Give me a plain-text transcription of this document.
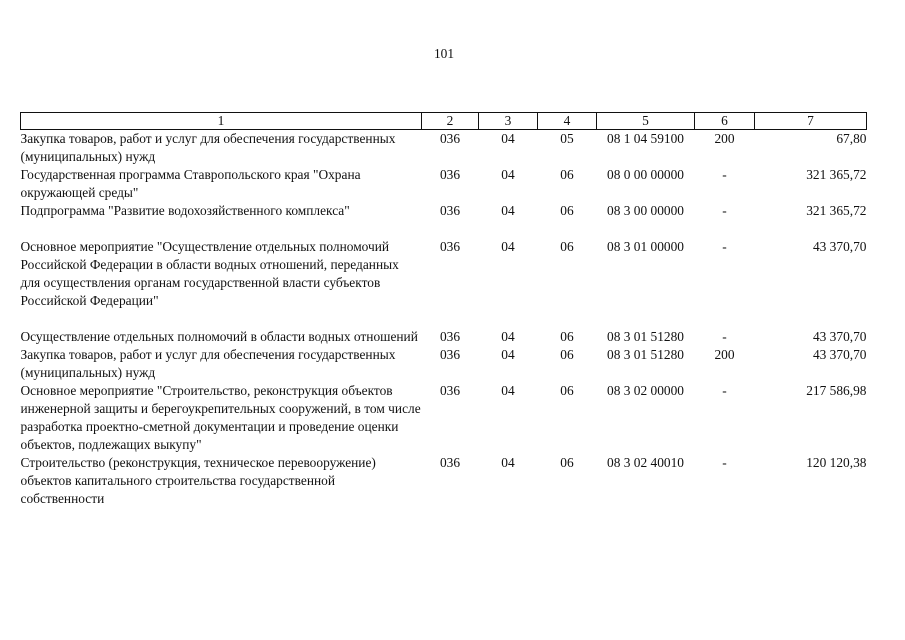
101
1	2	3	4	5	6	7
Закупка товаров, работ и услуг для обеспечения государственных (муниципальных) нужд	036	04	05	08 1 04 59100	200	67,80
Государственная программа Ставропольского края "Охрана окружающей среды"	036	04	06	08 0 00 00000	-	321 365,72
Подпрограмма "Развитие водохозяйственного комплекса"	036	04	06	08 3 00 00000	-	321 365,72
Основное мероприятие "Осуществление отдельных полномочий Российской Федерации в области водных отношений, переданных для осуществления органам государственной власти субъектов Российской Федерации"	036	04	06	08 3 01 00000	-	43 370,70
Осуществление отдельных полномочий в области водных отношений	036	04	06	08 3 01 51280	-	43 370,70
Закупка товаров, работ и услуг для обеспечения государственных (муниципальных) нужд	036	04	06	08 3 01 51280	200	43 370,70
Основное мероприятие "Строительство, реконструкция объектов инженерной защиты и берегоукрепительных сооружений, в том числе разработка проектно-сметной документации и проведение оценки объектов, подлежащих выкупу"	036	04	06	08 3 02 00000	-	217 586,98
Строительство (реконструкция, техническое перевооружение) объектов капитального строительства государственной собственности	036	04	06	08 3 02 40010	-	120 120,38
